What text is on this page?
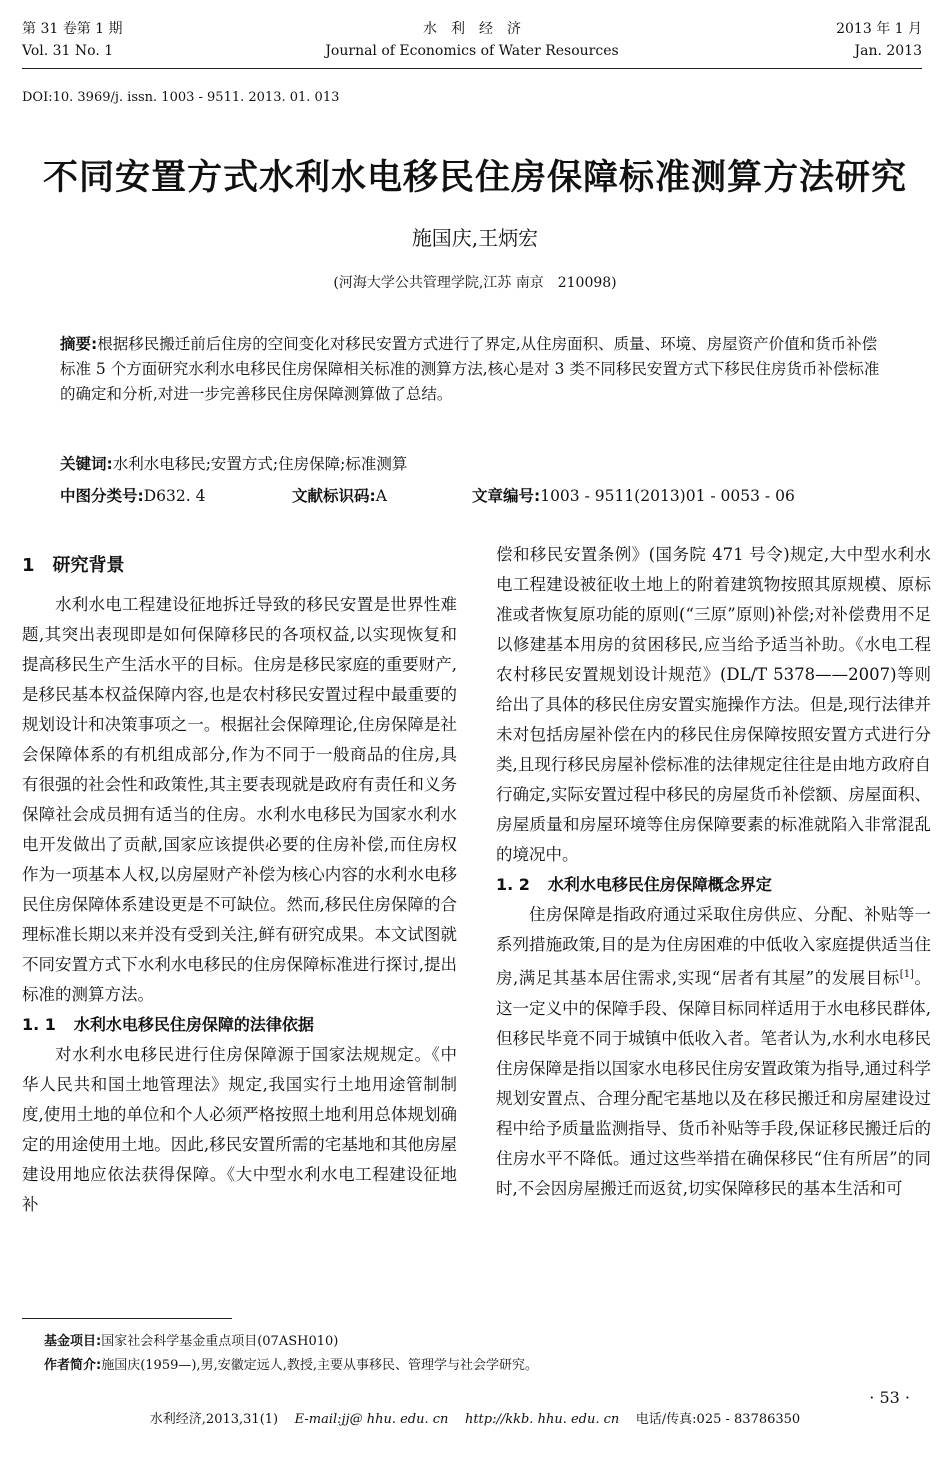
第 31 卷第 1 期
Vol. 31 No. 1
水　利　经　济
Journal of Economics of Water Resources
2013 年 1 月
Jan. 2013
DOI:10. 3969/j. issn. 1003 - 9511. 2013. 01. 013
不同安置方式水利水电移民住房保障标准测算方法研究
施国庆,王炳宏
(河海大学公共管理学院,江苏 南京　210098)
摘要:根据移民搬迁前后住房的空间变化对移民安置方式进行了界定,从住房面积、质量、环境、房屋资产价值和货币补偿标准 5 个方面研究水利水电移民住房保障相关标准的测算方法,核心是对 3 类不同移民安置方式下移民住房货币补偿标准的确定和分析,对进一步完善移民住房保障测算做了总结。
关键词:水利水电移民;安置方式;住房保障;标准测算
中图分类号:D632. 4	文献标识码:A	文章编号:1003 - 9511(2013)01 - 0053 - 06
1 研究背景

水利水电工程建设征地拆迁导致的移民安置是世界性难题,其突出表现即是如何保障移民的各项权益,以实现恢复和提高移民生产生活水平的目标。住房是移民家庭的重要财产,是移民基本权益保障内容,也是农村移民安置过程中最重要的规划设计和决策事项之一。根据社会保障理论,住房保障是社会保障体系的有机组成部分,作为不同于一般商品的住房,具有很强的社会性和政策性,其主要表现就是政府有责任和义务保障社会成员拥有适当的住房。水利水电移民为国家水利水电开发做出了贡献,国家应该提供必要的住房补偿,而住房权作为一项基本人权,以房屋财产补偿为核心内容的水利水电移民住房保障体系建设更是不可缺位。然而,移民住房保障的合理标准长期以来并没有受到关注,鲜有研究成果。本文试图就不同安置方式下水利水电移民的住房保障标准进行探讨,提出标准的测算方法。

1. 1 水利水电移民住房保障的法律依据

对水利水电移民进行住房保障源于国家法规规定。《中华人民共和国土地管理法》规定,我国实行土地用途管制制度,使用土地的单位和个人必须严格按照土地利用总体规划确定的用途使用土地。因此,移民安置所需的宅基地和其他房屋建设用地应依法获得保障。《大中型水利水电工程建设征地补

偿和移民安置条例》(国务院 471 号令)规定,大中型水利水电工程建设被征收土地上的附着建筑物按照其原规模、原标准或者恢复原功能的原则(“三原”原则)补偿;对补偿费用不足以修建基本用房的贫困移民,应当给予适当补助。《水电工程农村移民安置规划设计规范》(DL/T 5378——2007)等则给出了具体的移民住房安置实施操作方法。但是,现行法律并未对包括房屋补偿在内的移民住房保障按照安置方式进行分类,且现行移民房屋补偿标准的法律规定往往是由地方政府自行确定,实际安置过程中移民的房屋货币补偿额、房屋面积、房屋质量和房屋环境等住房保障要素的标准就陷入非常混乱的境况中。

1. 2 水利水电移民住房保障概念界定

住房保障是指政府通过采取住房供应、分配、补贴等一系列措施政策,目的是为住房困难的中低收入家庭提供适当住房,满足其基本居住需求,实现“居者有其屋”的发展目标[1]。这一定义中的保障手段、保障目标同样适用于水电移民群体,但移民毕竟不同于城镇中低收入者。笔者认为,水利水电移民住房保障是指以国家水电移民住房安置政策为指导,通过科学规划安置点、合理分配宅基地以及在移民搬迁和房屋建设过程中给予质量监测指导、货币补贴等手段,保证移民搬迁后的住房水平不降低。通过这些举措在确保移民“住有所居”的同时,不会因房屋搬迁而返贫,切实保障移民的基本生活和可

基金项目:国家社会科学基金重点项目(07ASH010)
作者简介:施国庆(1959—),男,安徽定远人,教授,主要从事移民、管理学与社会学研究。
· 53 ·
水利经济,2013,31(1) E-mail:jj@ hhu. edu. cn http://kkb. hhu. edu. cn 电话/传真:025 - 83786350
